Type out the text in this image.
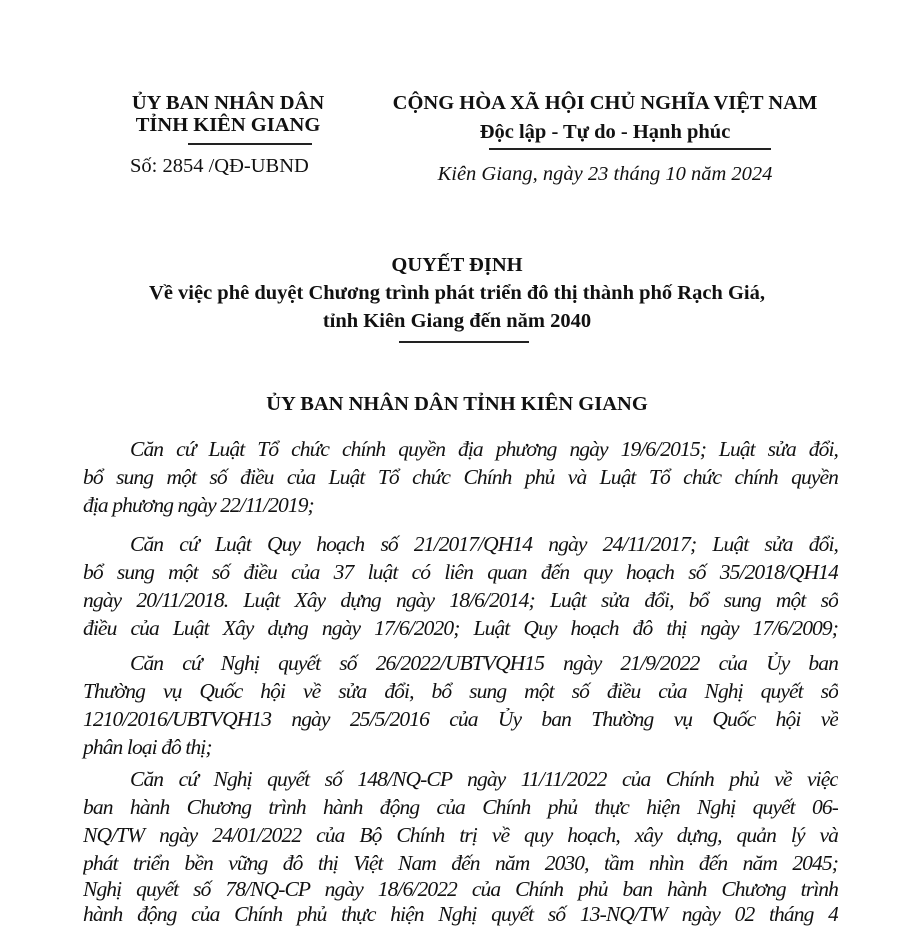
ỦY BAN NHÂN DÂN
TỈNH KIÊN GIANG
Số: 2854 /QĐ-UBND
CỘNG HÒA XÃ HỘI CHỦ NGHĨA VIỆT NAM
Độc lập - Tự do - Hạnh phúc
Kiên Giang, ngày 23 tháng 10 năm 2024
QUYẾT ĐỊNH
Về việc phê duyệt Chương trình phát triển đô thị thành phố Rạch Giá,
tỉnh Kiên Giang đến năm 2040
ỦY BAN NHÂN DÂN TỈNH KIÊN GIANG
Căn cứ Luật Tổ chức chính quyền địa phương ngày 19/6/2015; Luật sửa đổi,
bổ sung một số điều của Luật Tổ chức Chính phủ và Luật Tổ chức chính quyền
địa phương ngày 22/11/2019;
Căn cứ Luật Quy hoạch số 21/2017/QH14 ngày 24/11/2017; Luật sửa đổi,
bổ sung một số điều của 37 luật có liên quan đến quy hoạch số 35/2018/QH14
ngày 20/11/2018. Luật Xây dựng ngày 18/6/2014; Luật sửa đổi, bổ sung một số
điều của Luật Xây dựng ngày 17/6/2020; Luật Quy hoạch đô thị ngày 17/6/2009;
Căn cứ Nghị quyết số 26/2022/UBTVQH15 ngày 21/9/2022 của Ủy ban
Thường vụ Quốc hội về sửa đổi, bổ sung một số điều của Nghị quyết số
1210/2016/UBTVQH13 ngày 25/5/2016 của Ủy ban Thường vụ Quốc hội về
phân loại đô thị;
Căn cứ Nghị quyết số 148/NQ-CP ngày 11/11/2022 của Chính phủ về việc
ban hành Chương trình hành động của Chính phủ thực hiện Nghị quyết 06-
NQ/TW ngày 24/01/2022 của Bộ Chính trị về quy hoạch, xây dựng, quản lý và
phát triển bền vững đô thị Việt Nam đến năm 2030, tầm nhìn đến năm 2045;
Nghị quyết số 78/NQ-CP ngày 18/6/2022 của Chính phủ ban hành Chương trình
hành động của Chính phủ thực hiện Nghị quyết số 13-NQ/TW ngày 02 tháng 4
